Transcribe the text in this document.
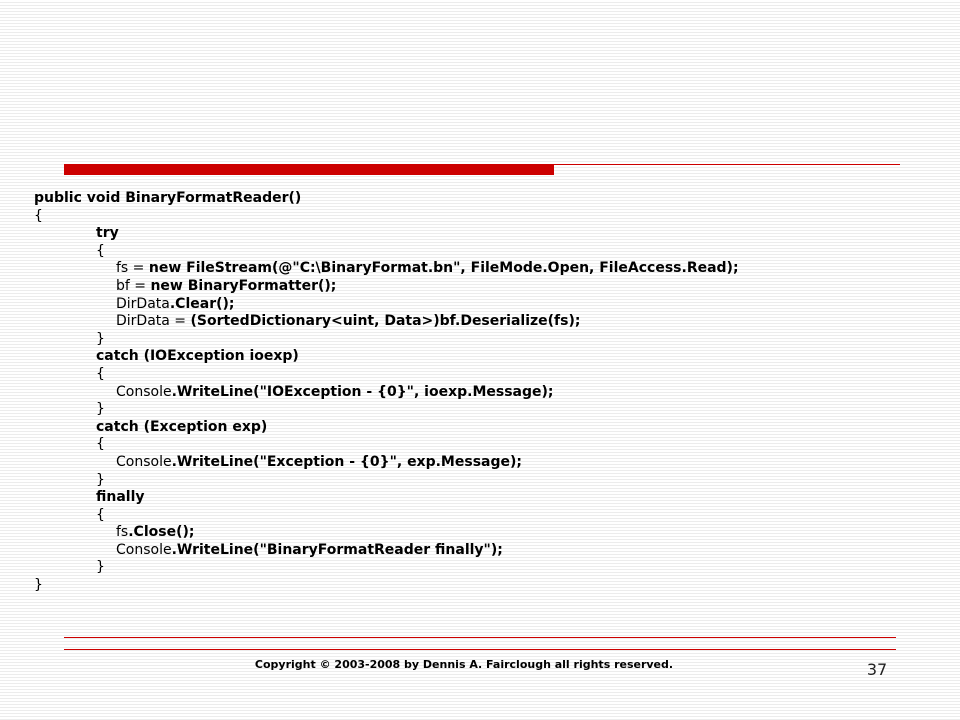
public void BinaryFormatReader()
{
try
{
fs = new FileStream(@"C:\BinaryFormat.bn", FileMode.Open, FileAccess.Read);
bf = new BinaryFormatter();
DirData.Clear();
DirData = (SortedDictionary<uint, Data>)bf.Deserialize(fs);
}
catch (IOException ioexp)
{
Console.WriteLine("IOException - {0}", ioexp.Message);
}
catch (Exception exp)
{
Console.WriteLine("Exception - {0}", exp.Message);
}
finally
{
fs.Close();
Console.WriteLine("BinaryFormatReader finally");
}
}
Copyright © 2003-2008 by Dennis A. Fairclough all rights reserved.	37
